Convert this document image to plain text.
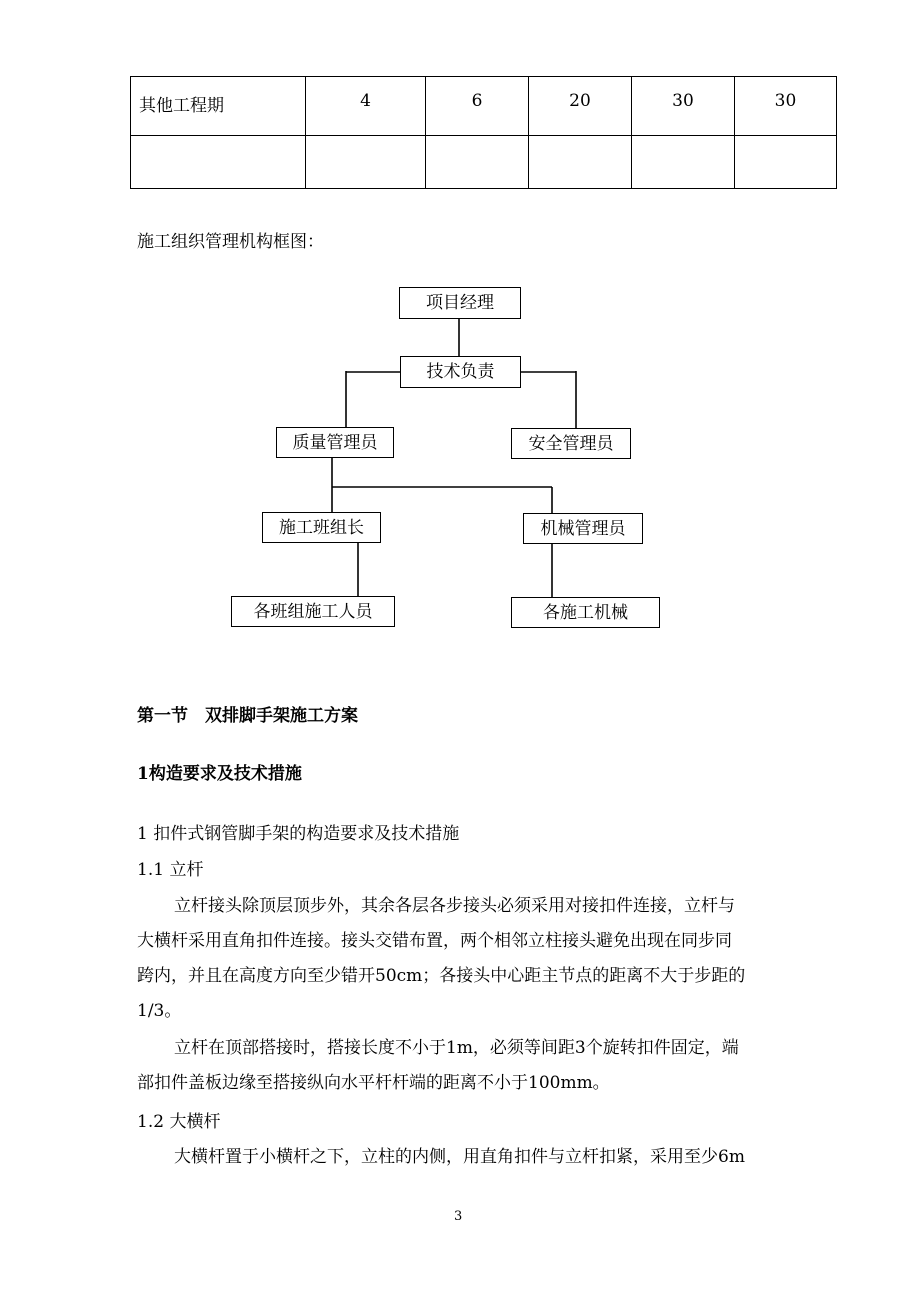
其他工程期	4	6	20	30	30

施工组织管理机构框图：
项目经理
技术负责
质量管理员	安全管理员
施工班组长	机械管理员
各班组施工人员	各施工机械
第一节　双排脚手架施工方案
1构造要求及技术措施
1 扣件式钢管脚手架的构造要求及技术措施
1.1 立杆
立杆接头除顶层顶步外，其余各层各步接头必须采用对接扣件连接，立杆与
大横杆采用直角扣件连接。接头交错布置，两个相邻立柱接头避免出现在同步同
跨内，并且在高度方向至少错开50cm；各接头中心距主节点的距离不大于步距的
1/3。
立杆在顶部搭接时，搭接长度不小于1m，必须等间距3个旋转扣件固定，端
部扣件盖板边缘至搭接纵向水平杆杆端的距离不小于100mm。
1.2 大横杆
大横杆置于小横杆之下，立柱的内侧，用直角扣件与立杆扣紧，采用至少6m
3
